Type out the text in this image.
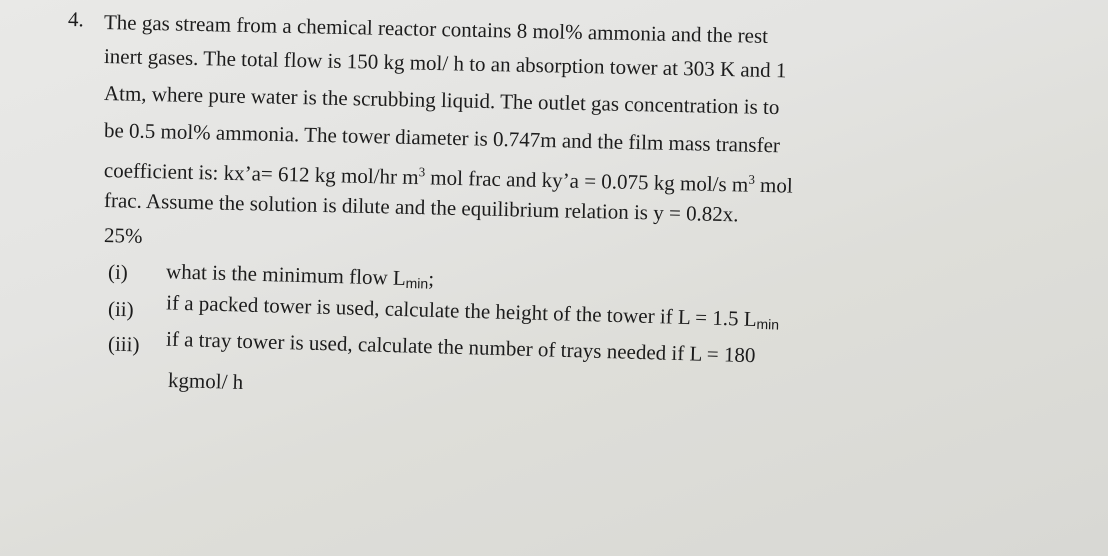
4. The gas stream from a chemical reactor contains 8 mol% ammonia and the rest
inert gases. The total flow is 150 kg mol/ h to an absorption tower at 303 K and 1
Atm, where pure water is the scrubbing liquid. The outlet gas concentration is to
be 0.5 mol% ammonia. The tower diameter is 0.747m and the film mass transfer
coefficient is: kx’a= 612 kg mol/hr $m^3$ mol frac and ky’a = 0.075 kg mol/s $m^3$ mol
frac. Assume the solution is dilute and the equilibrium relation is y = 0.82x.
25%
(i) what is the minimum flow $L_{min}$;
(ii) if a packed tower is used, calculate the height of the tower if L = 1.5 $L_{min}$
(iii) if a tray tower is used, calculate the number of trays needed if L = 180
kgmol/ h
